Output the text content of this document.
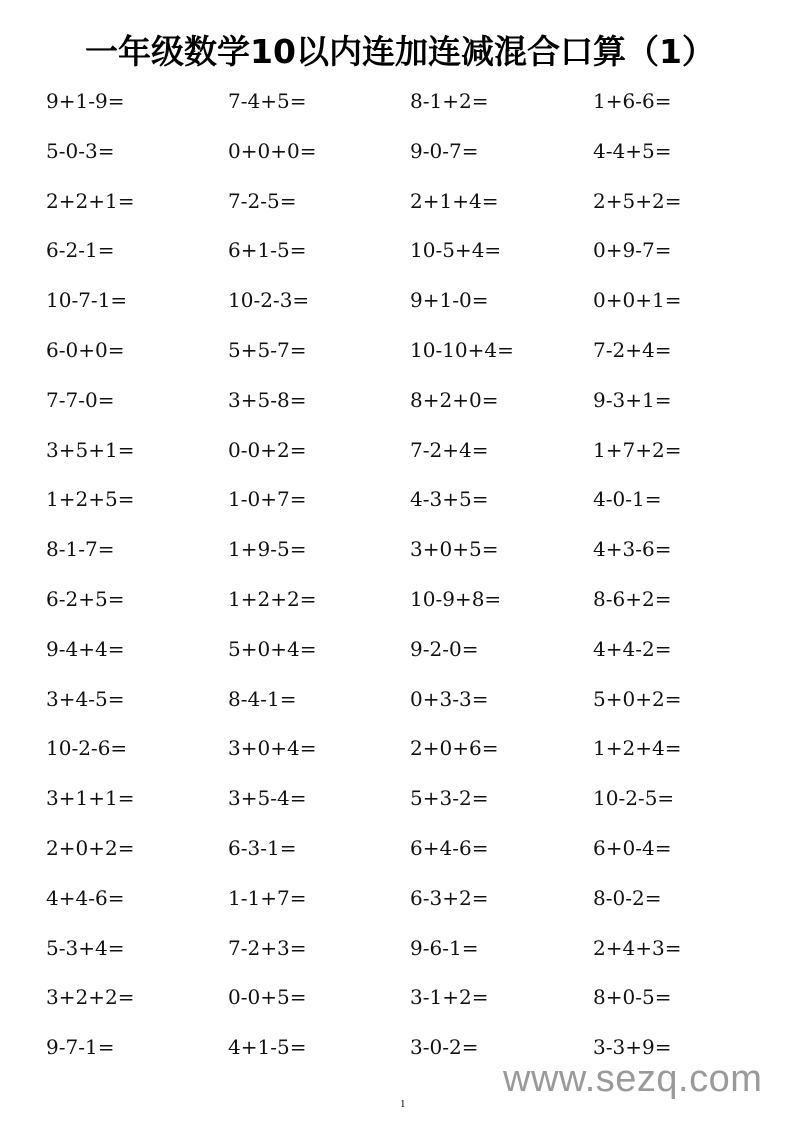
一年级数学10以内连加连减混合口算（1）
9+1-9=	7-4+5=	8-1+2=	1+6-6=
5-0-3=	0+0+0=	9-0-7=	4-4+5=
2+2+1=	7-2-5=	2+1+4=	2+5+2=
6-2-1=	6+1-5=	10-5+4=	0+9-7=
10-7-1=	10-2-3=	9+1-0=	0+0+1=
6-0+0=	5+5-7=	10-10+4=	7-2+4=
7-7-0=	3+5-8=	8+2+0=	9-3+1=
3+5+1=	0-0+2=	7-2+4=	1+7+2=
1+2+5=	1-0+7=	4-3+5=	4-0-1=
8-1-7=	1+9-5=	3+0+5=	4+3-6=
6-2+5=	1+2+2=	10-9+8=	8-6+2=
9-4+4=	5+0+4=	9-2-0=	4+4-2=
3+4-5=	8-4-1=	0+3-3=	5+0+2=
10-2-6=	3+0+4=	2+0+6=	1+2+4=
3+1+1=	3+5-4=	5+3-2=	10-2-5=
2+0+2=	6-3-1=	6+4-6=	6+0-4=
4+4-6=	1-1+7=	6-3+2=	8-0-2=
5-3+4=	7-2+3=	9-6-1=	2+4+3=
3+2+2=	0-0+5=	3-1+2=	8+0-5=
9-7-1=	4+1-5=	3-0-2=	3-3+9=
www.sezq.com
1
